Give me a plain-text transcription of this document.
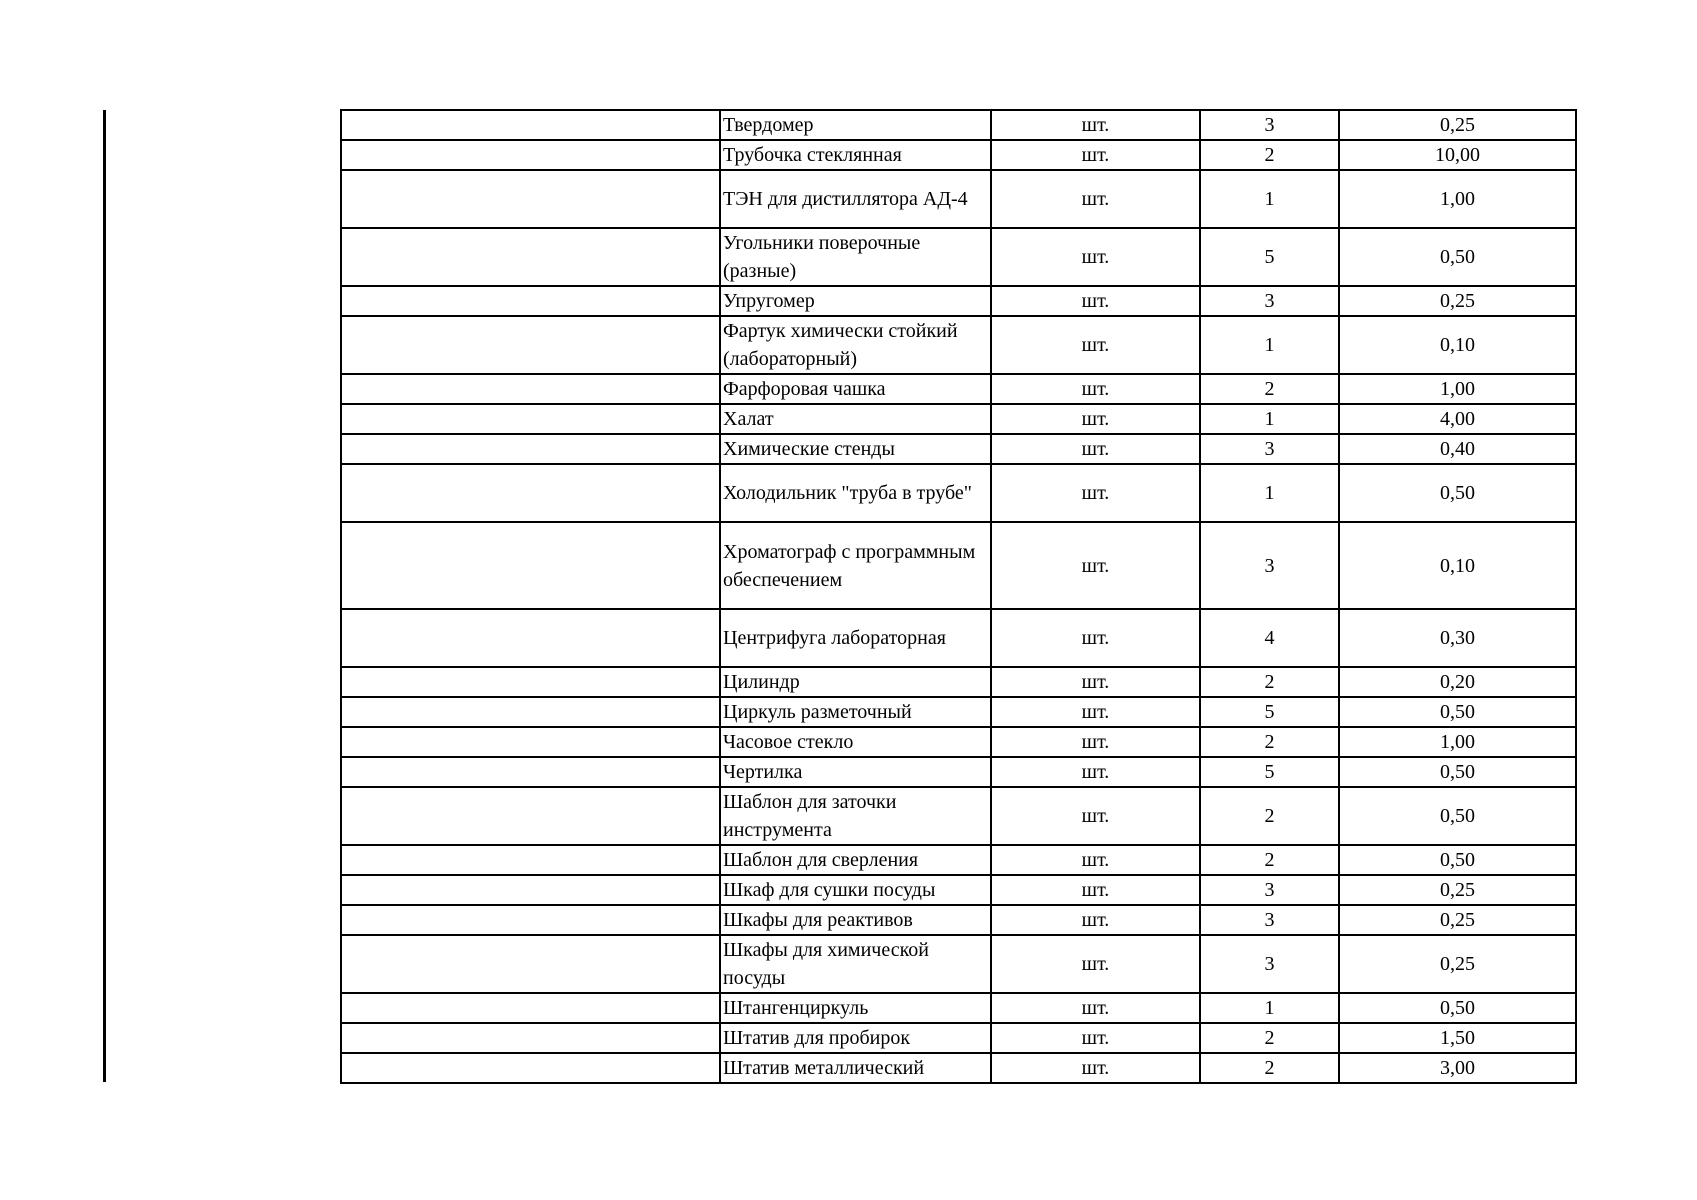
	Твердомер	шт.	3	0,25
	Трубочка стеклянная	шт.	2	10,00
	ТЭН для дистиллятора АД-4	шт.	1	1,00
	Угольники поверочные (разные)	шт.	5	0,50
	Упругомер	шт.	3	0,25
	Фартук химически стойкий (лабораторный)	шт.	1	0,10
	Фарфоровая чашка	шт.	2	1,00
	Халат	шт.	1	4,00
	Химические стенды	шт.	3	0,40
	Холодильник "труба в трубе"	шт.	1	0,50
	Хроматограф с программным обеспечением	шт.	3	0,10
	Центрифуга лабораторная	шт.	4	0,30
	Цилиндр	шт.	2	0,20
	Циркуль разметочный	шт.	5	0,50
	Часовое стекло	шт.	2	1,00
	Чертилка	шт.	5	0,50
	Шаблон для заточки инструмента	шт.	2	0,50
	Шаблон для сверления	шт.	2	0,50
	Шкаф для сушки посуды	шт.	3	0,25
	Шкафы для реактивов	шт.	3	0,25
	Шкафы для химической посуды	шт.	3	0,25
	Штангенциркуль	шт.	1	0,50
	Штатив для пробирок	шт.	2	1,50
	Штатив металлический	шт.	2	3,00
